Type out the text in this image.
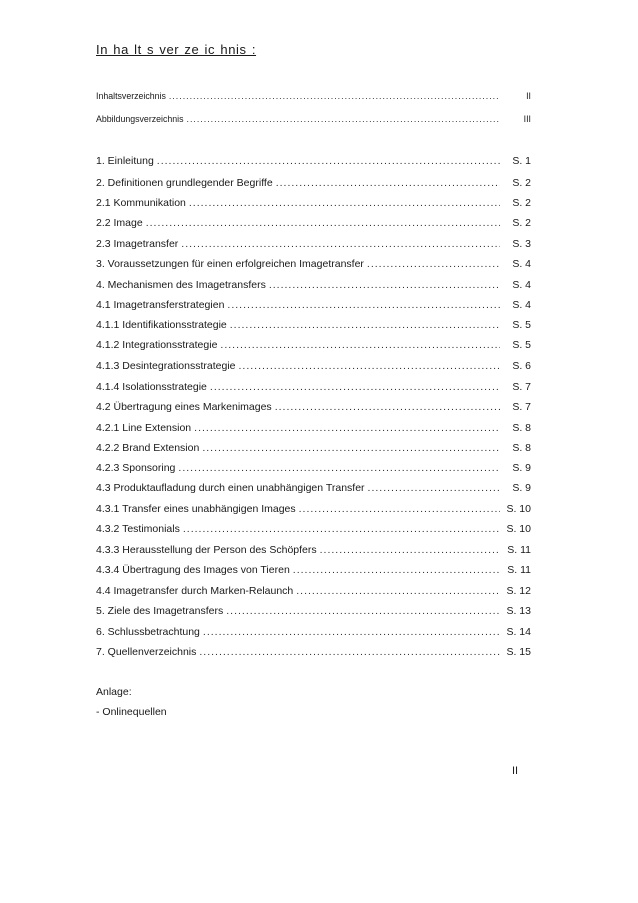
In ha lt s ver ze ic hnis :
Inhaltsverzeichnis .....	II
Abbildungsverzeichnis .....	III
1. Einleitung .....	S. 1
2. Definitionen grundlegender Begriffe .....	S. 2
2.1 Kommunikation .....	S. 2
2.2 Image .....	S. 2
2.3 Imagetransfer .....	S. 3
3. Voraussetzungen für einen erfolgreichen Imagetransfer .....	S. 4
4. Mechanismen des Imagetransfers .....	S. 4
4.1 Imagetransferstrategien .....	S. 4
4.1.1 Identifikationsstrategie .....	S. 5
4.1.2 Integrationsstrategie .....	S. 5
4.1.3 Desintegrationsstrategie .....	S. 6
4.1.4 Isolationsstrategie .....	S. 7
4.2 Übertragung eines Markenimages .....	S. 7
4.2.1 Line Extension .....	S. 8
4.2.2 Brand Extension .....	S. 8
4.2.3 Sponsoring .....	S. 9
4.3 Produktaufladung durch einen unabhängigen Transfer .....	S. 9
4.3.1 Transfer eines unabhängigen Images .....	S. 10
4.3.2 Testimonials .....	S. 10
4.3.3 Herausstellung der Person des Schöpfers .....	S. 11
4.3.4 Übertragung des Images von Tieren .....	S. 11
4.4 Imagetransfer durch Marken-Relaunch .....	S. 12
5. Ziele des Imagetransfers .....	S. 13
6. Schlussbetrachtung .....	S. 14
7. Quellenverzeichnis .....	S. 15
Anlage:
- Onlinequellen
II
